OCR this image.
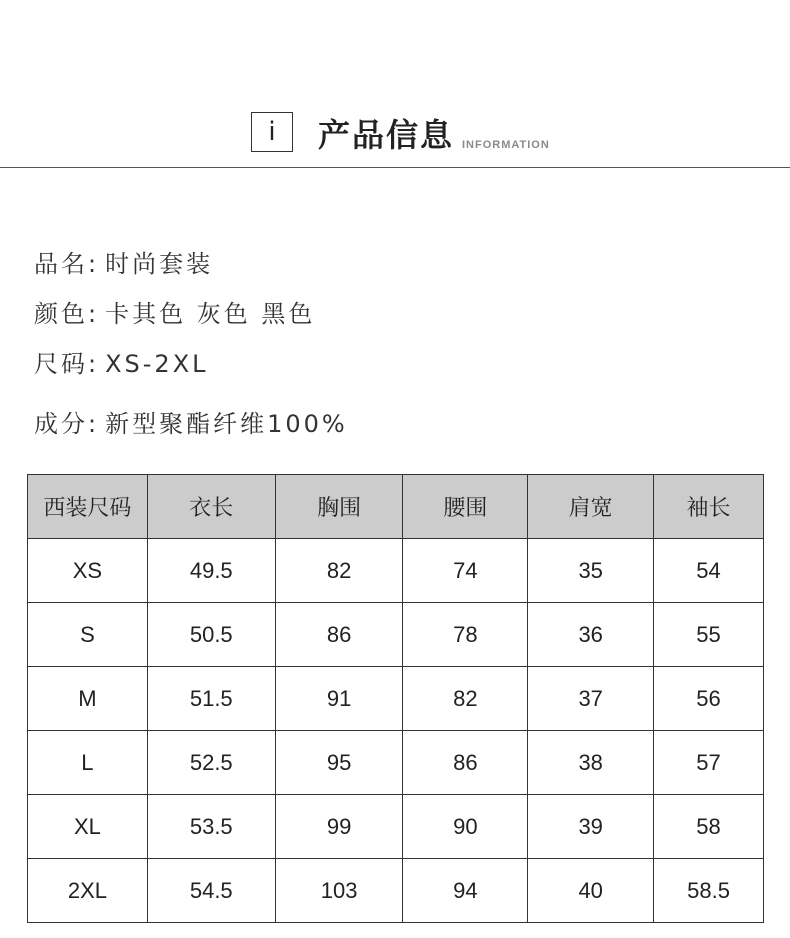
i	产品信息 INFORMATION
品名: 时尚套装
颜色: 卡其色 灰色 黑色
尺码: XS-2XL
成分: 新型聚酯纤维100%
西装尺码	衣长	胸围	腰围	肩宽	袖长
XS	49.5	82	74	35	54
S	50.5	86	78	36	55
M	51.5	91	82	37	56
L	52.5	95	86	38	57
XL	53.5	99	90	39	58
2XL	54.5	103	94	40	58.5
